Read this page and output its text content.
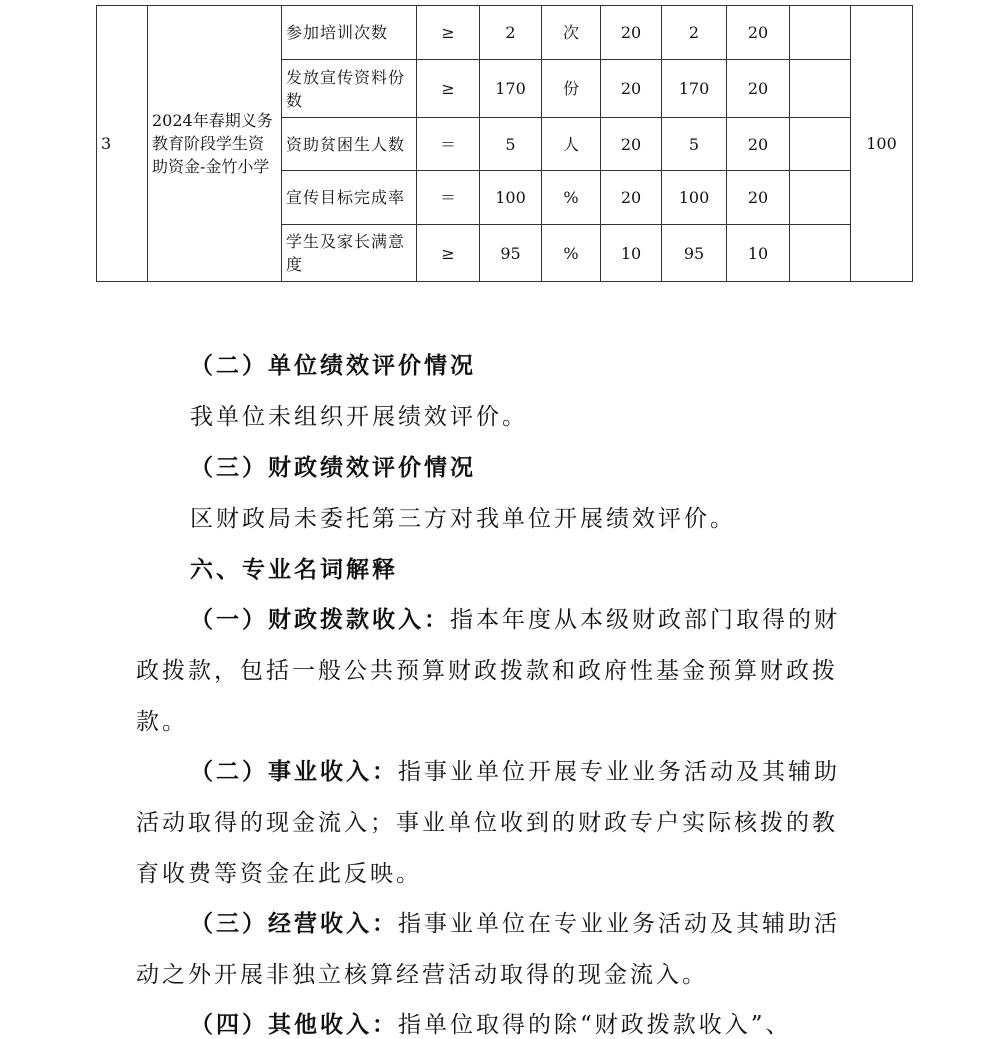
3	2024年春期义务教育阶段学生资助资金-金竹小学	参加培训次数	≥	2	次	20	2	20		100
		发放宣传资料份数	≥	170	份	20	170	20		
		资助贫困生人数	＝	5	人	20	5	20		
		宣传目标完成率	＝	100	%	20	100	20		
		学生及家长满意度	≥	95	%	10	95	10		
（二）单位绩效评价情况
我单位未组织开展绩效评价。
（三）财政绩效评价情况
区财政局未委托第三方对我单位开展绩效评价。
六、专业名词解释
（一）财政拨款收入：指本年度从本级财政部门取得的财
政拨款，包括一般公共预算财政拨款和政府性基金预算财政拨
款。
（二）事业收入：指事业单位开展专业业务活动及其辅助
活动取得的现金流入；事业单位收到的财政专户实际核拨的教
育收费等资金在此反映。
（三）经营收入：指事业单位在专业业务活动及其辅助活
动之外开展非独立核算经营活动取得的现金流入。
（四）其他收入：指单位取得的除“财政拨款收入”、
